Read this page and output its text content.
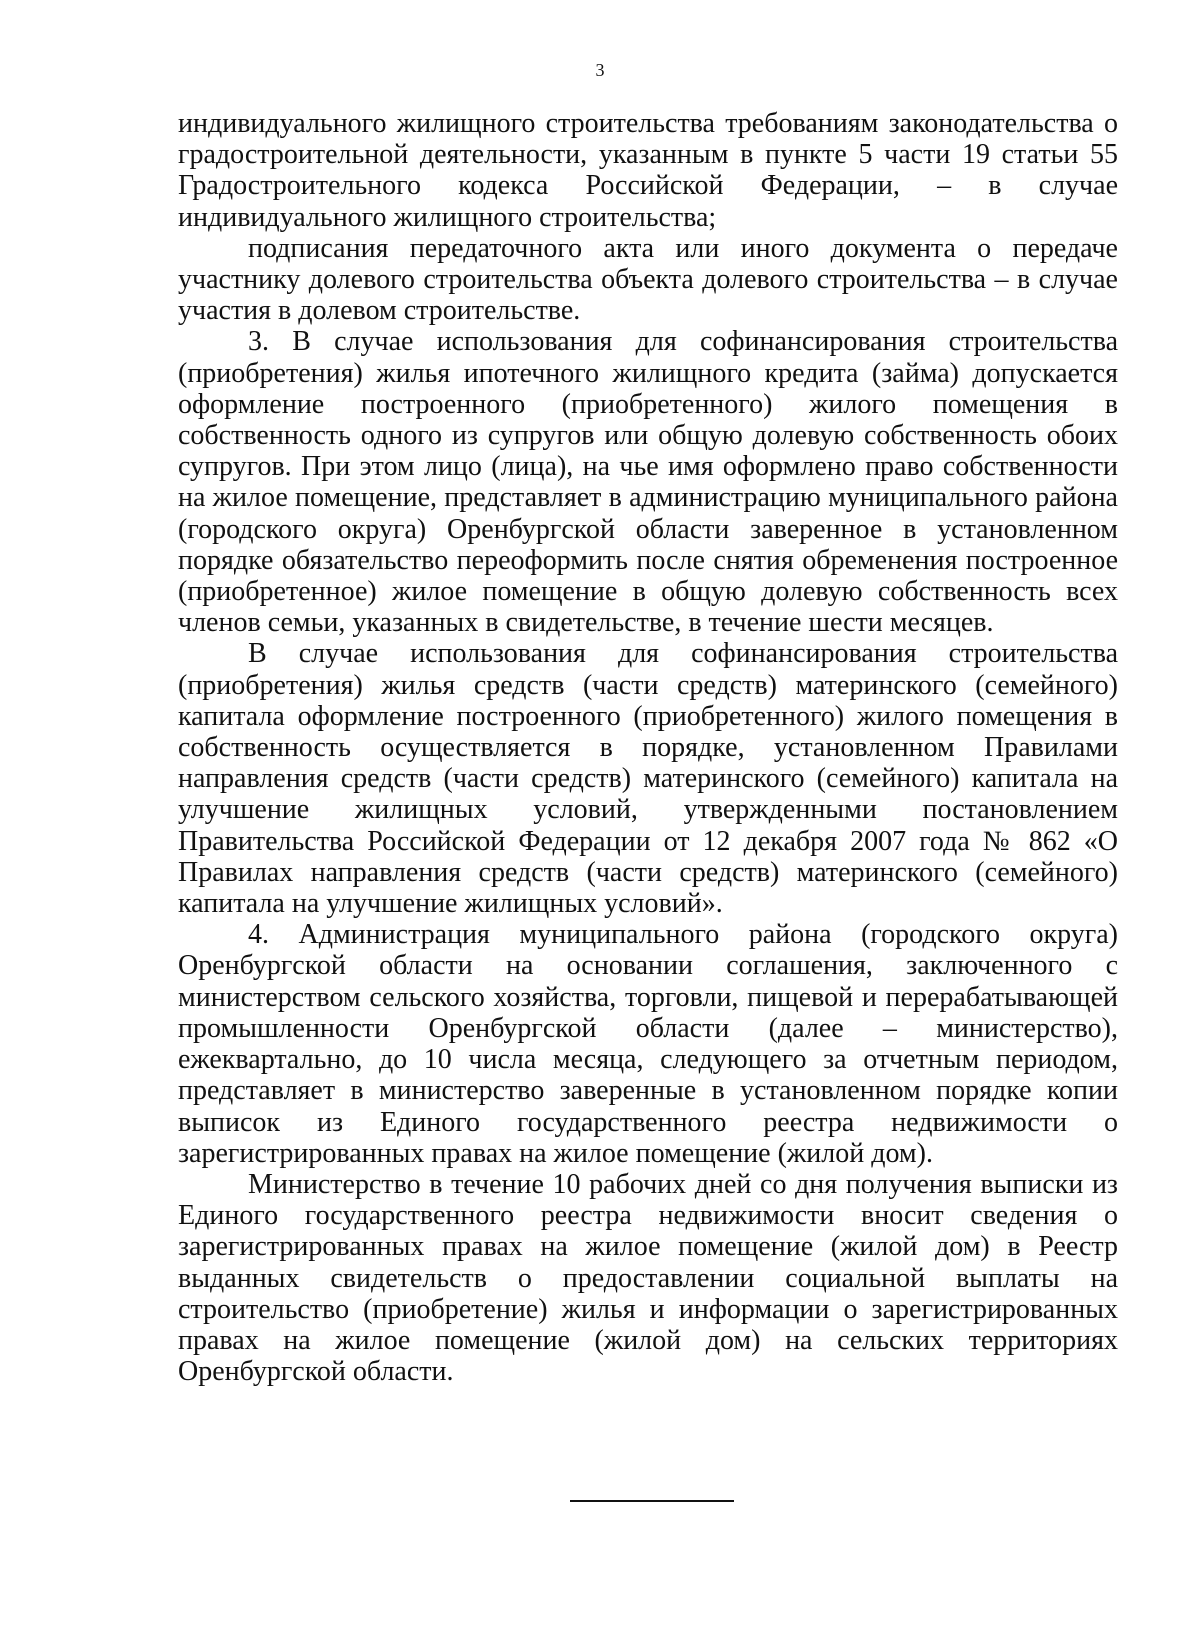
3

индивидуального жилищного строительства требованиям законодательства о градостроительной деятельности, указанным в пункте 5 части 19 статьи 55 Градостроительного кодекса Российской Федерации, – в случае индивидуального жилищного строительства;

подписания передаточного акта или иного документа о передаче участнику долевого строительства объекта долевого строительства – в случае участия в долевом строительстве.

3. В случае использования для софинансирования строительства (приобретения) жилья ипотечного жилищного кредита (займа) допускается оформление построенного (приобретенного) жилого помещения в собственность одного из супругов или общую долевую собственность обоих супругов. При этом лицо (лица), на чье имя оформлено право собственности на жилое помещение, представляет в администрацию муниципального района (городского округа) Оренбургской области заверенное в установленном порядке обязательство переоформить после снятия обременения построенное (приобретенное) жилое помещение в общую долевую собственность всех членов семьи, указанных в свидетельстве, в течение шести месяцев.

В случае использования для софинансирования строительства (приобретения) жилья средств (части средств) материнского (семейного) капитала оформление построенного (приобретенного) жилого помещения в собственность осуществляется в порядке, установленном Правилами направления средств (части средств) материнского (семейного) капитала на улучшение жилищных условий, утвержденными постановлением Правительства Российской Федерации от 12 декабря 2007 года № 862 «О Правилах направления средств (части средств) материнского (семейного) капитала на улучшение жилищных условий».

4. Администрация муниципального района (городского округа) Оренбургской области на основании соглашения, заключенного с министерством сельского хозяйства, торговли, пищевой и перерабатывающей промышленности Оренбургской области (далее – министерство), ежеквартально, до 10 числа месяца, следующего за отчетным периодом, представляет в министерство заверенные в установленном порядке копии выписок из Единого государственного реестра недвижимости о зарегистрированных правах на жилое помещение (жилой дом).

Министерство в течение 10 рабочих дней со дня получения выписки из Единого государственного реестра недвижимости вносит сведения о зарегистрированных правах на жилое помещение (жилой дом) в Реестр выданных свидетельств о предоставлении социальной выплаты на строительство (приобретение) жилья и информации о зарегистрированных правах на жилое помещение (жилой дом) на сельских территориях Оренбургской области.
